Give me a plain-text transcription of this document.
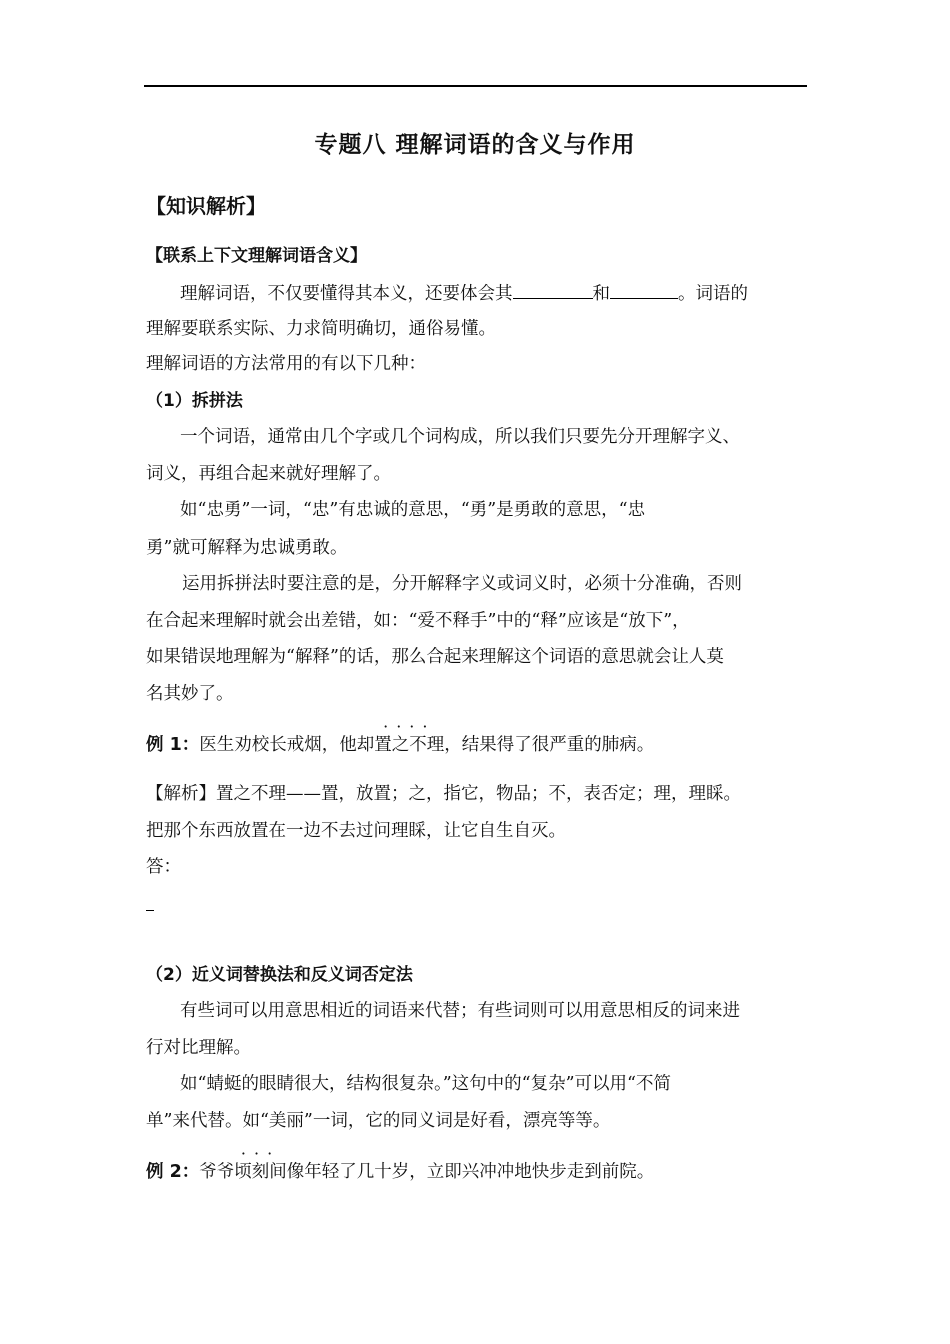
专题八 理解词语的含义与作用
【知识解析】
【联系上下文理解词语含义】
理解词语，不仅要懂得其本义，还要体会其	和	。词语的
理解要联系实际、力求简明确切，通俗易懂。
理解词语的方法常用的有以下几种：
（1）拆拼法
一个词语，通常由几个字或几个词构成，所以我们只要先分开理解字义、
词义，再组合起来就好理解了。
如“忠勇”一词，“忠”有忠诚的意思，“勇”是勇敢的意思，“忠
勇”就可解释为忠诚勇敢。
运用拆拼法时要注意的是，分开解释字义或词义时，必须十分准确，否则
在合起来理解时就会出差错，如：“爱不释手”中的“释”应该是“放下”，
如果错误地理解为“解释”的话，那么合起来理解这个词语的意思就会让人莫
名其妙了。
例 1：医生劝校长戒烟，他却
····
置之不理，结果得了很严重的肺病。
【解析】置之不理——置，放置；之，指它，物品；不，表否定；理，理睬。
把那个东西放置在一边不去过问理睬，让它自生自灭。
答：
（2）近义词替换法和反义词否定法
有些词可以用意思相近的词语来代替；有些词则可以用意思相反的词来进
行对比理解。
如“蜻蜓的眼睛很大，结构很复杂。”这句中的“复杂”可以用“不简
单”来代替。如“美丽”一词，它的同义词是好看，漂亮等等。
例 2：爷爷
···
顷刻间像年轻了几十岁，立即兴冲冲地快步走到前院。
